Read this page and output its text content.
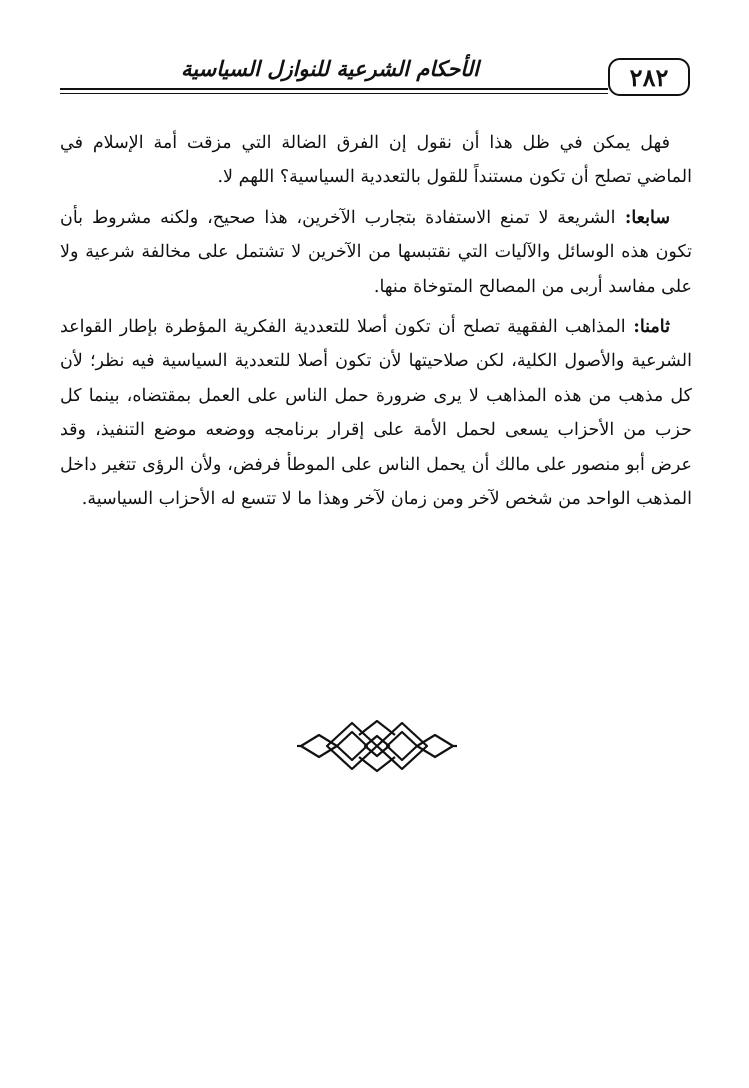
٢٨٢
الأحكام الشرعية للنوازل السياسية

فهل يمكن في ظل هذا أن نقول إن الفرق الضالة التي مزقت أمة الإسلام في الماضي تصلح أن تكون مستنداً للقول بالتعددية السياسية؟ اللهم لا.

سابعا: الشريعة لا تمنع الاستفادة بتجارب الآخرين، هذا صحيح، ولكنه مشروط بأن تكون هذه الوسائل والآليات التي نقتبسها من الآخرين لا تشتمل على مخالفة شرعية ولا على مفاسد أربى من المصالح المتوخاة منها.

ثامنا: المذاهب الفقهية تصلح أن تكون أصلا للتعددية الفكرية المؤطرة بإطار القواعد الشرعية والأصول الكلية، لكن صلاحيتها لأن تكون أصلا للتعددية السياسية فيه نظر؛ لأن كل مذهب من هذه المذاهب لا يرى ضرورة حمل الناس على العمل بمقتضاه، بينما كل حزب من الأحزاب يسعى لحمل الأمة على إقرار برنامجه ووضعه موضع التنفيذ، وقد عرض أبو منصور على مالك أن يحمل الناس على الموطأ فرفض، ولأن الرؤى تتغير داخل المذهب الواحد من شخص لآخر ومن زمان لآخر وهذا ما لا تتسع له الأحزاب السياسية.
